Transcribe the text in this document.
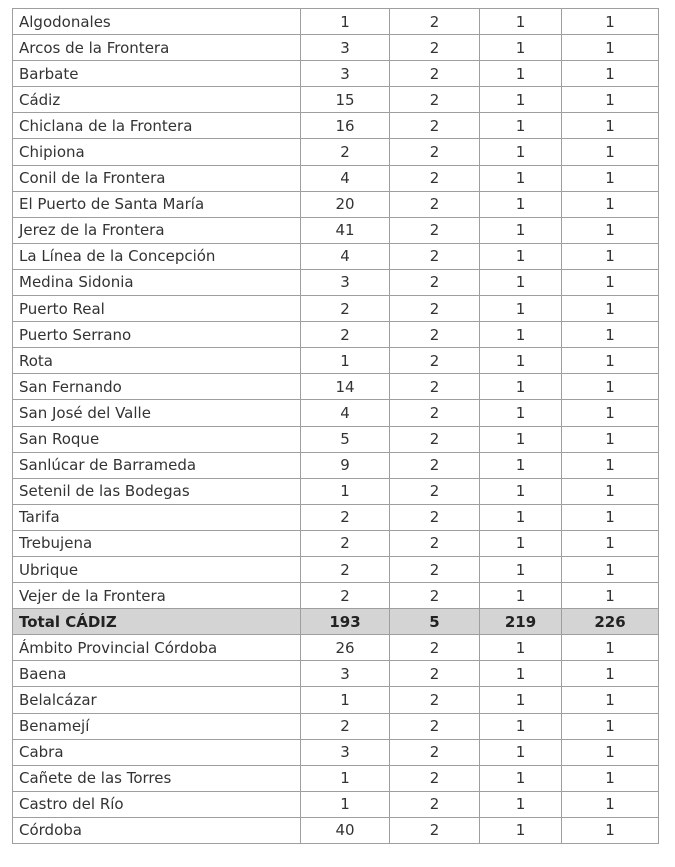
Algodonales	1	2	1	1
Arcos de la Frontera	3	2	1	1
Barbate	3	2	1	1
Cádiz	15	2	1	1
Chiclana de la Frontera	16	2	1	1
Chipiona	2	2	1	1
Conil de la Frontera	4	2	1	1
El Puerto de Santa María	20	2	1	1
Jerez de la Frontera	41	2	1	1
La Línea de la Concepción	4	2	1	1
Medina Sidonia	3	2	1	1
Puerto Real	2	2	1	1
Puerto Serrano	2	2	1	1
Rota	1	2	1	1
San Fernando	14	2	1	1
San José del Valle	4	2	1	1
San Roque	5	2	1	1
Sanlúcar de Barrameda	9	2	1	1
Setenil de las Bodegas	1	2	1	1
Tarifa	2	2	1	1
Trebujena	2	2	1	1
Ubrique	2	2	1	1
Vejer de la Frontera	2	2	1	1
Total CÁDIZ	193	5	219	226
Ámbito Provincial Córdoba	26	2	1	1
Baena	3	2	1	1
Belalcázar	1	2	1	1
Benamejí	2	2	1	1
Cabra	3	2	1	1
Cañete de las Torres	1	2	1	1
Castro del Río	1	2	1	1
Córdoba	40	2	1	1
